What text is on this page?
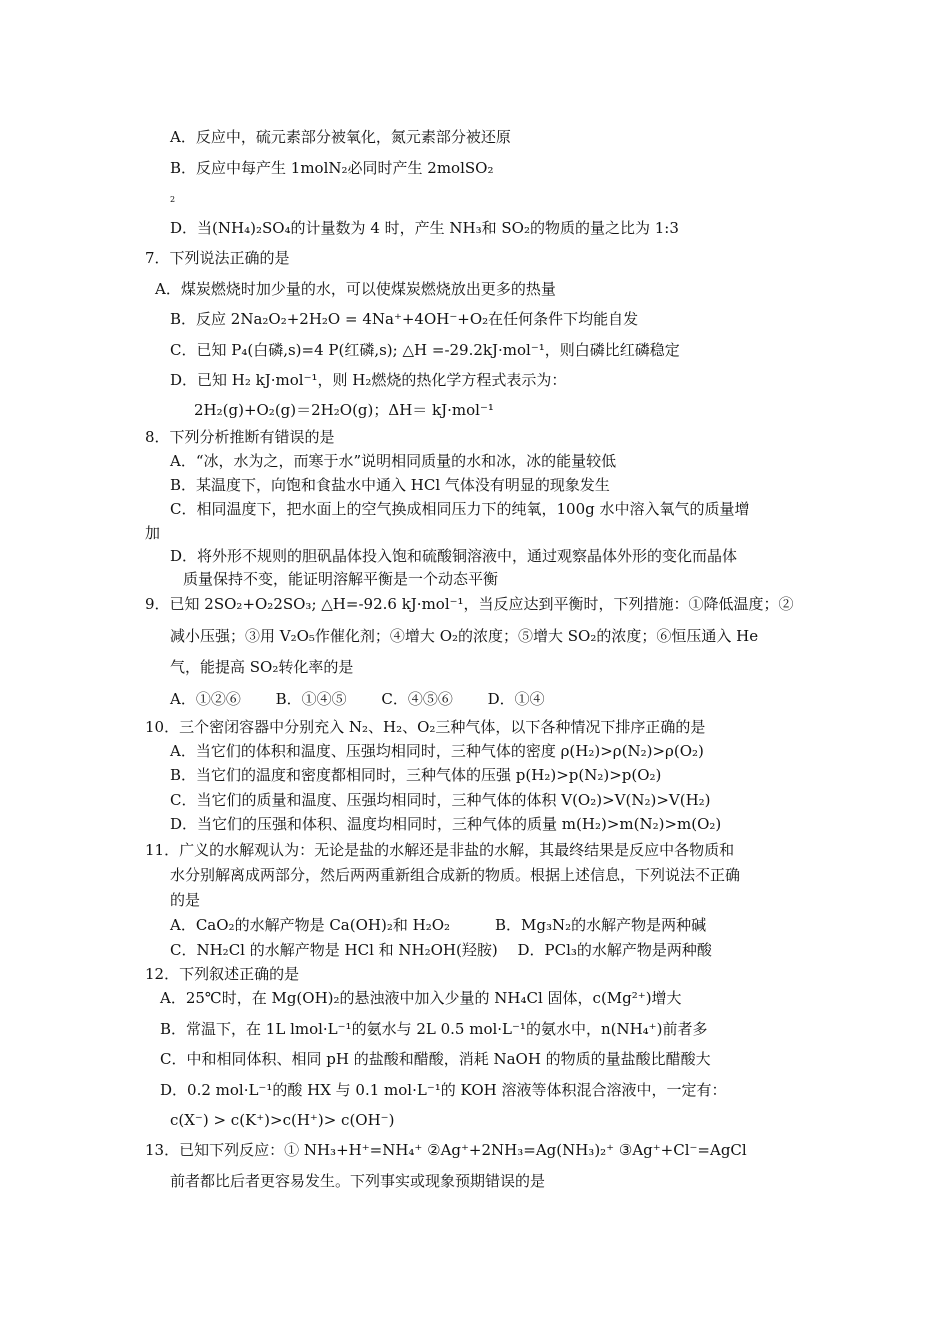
A．反应中，硫元素部分被氧化，氮元素部分被还原
B．反应中每产生 1molN₂必同时产生 2molSO₂
2
D．当(NH₄)₂SO₄的计量数为 4 时，产生 NH₃和 SO₂的物质的量之比为 1:3
7．下列说法正确的是
A．煤炭燃烧时加少量的水，可以使煤炭燃烧放出更多的热量
B．反应 2Na₂O₂+2H₂O = 4Na⁺+4OH⁻+O₂在任何条件下均能自发
C．已知 P₄(白磷,s)=4 P(红磷,s); △H =-29.2kJ·mol⁻¹，则白磷比红磷稳定
D．已知 H₂ kJ·mol⁻¹，则 H₂燃烧的热化学方程式表示为：
2H₂(g)+O₂(g)＝2H₂O(g)；ΔH＝ kJ·mol⁻¹
8．下列分析推断有错误的是
A．“冰，水为之，而寒于水”说明相同质量的水和冰，冰的能量较低
B．某温度下，向饱和食盐水中通入 HCl 气体没有明显的现象发生
C．相同温度下，把水面上的空气换成相同压力下的纯氧，100g 水中溶入氧气的质量增
加
D．将外形不规则的胆矾晶体投入饱和硫酸铜溶液中，通过观察晶体外形的变化而晶体
质量保持不变，能证明溶解平衡是一个动态平衡
9．已知 2SO₂+O₂2SO₃; △H=-92.6 kJ·mol⁻¹，当反应达到平衡时，下列措施：①降低温度；②
减小压强；③用 V₂O₅作催化剂；④增大 O₂的浓度；⑤增大 SO₂的浓度；⑥恒压通入 He
气，能提高 SO₂转化率的是
A．①②⑥　　 B．①④⑤　　 C．④⑤⑥　　 D．①④
10．三个密闭容器中分别充入 N₂、H₂、O₂三种气体，以下各种情况下排序正确的是
A．当它们的体积和温度、压强均相同时，三种气体的密度 ρ(H₂)>ρ(N₂)>ρ(O₂)
B．当它们的温度和密度都相同时，三种气体的压强 p(H₂)>p(N₂)>p(O₂)
C．当它们的质量和温度、压强均相同时，三种气体的体积 V(O₂)>V(N₂)>V(H₂)
D．当它们的压强和体积、温度均相同时，三种气体的质量 m(H₂)>m(N₂)>m(O₂)
11．广义的水解观认为：无论是盐的水解还是非盐的水解，其最终结果是反应中各物质和
水分别解离成两部分，然后两两重新组合成新的物质。根据上述信息，下列说法不正确
的是
A．CaO₂的水解产物是 Ca(OH)₂和 H₂O₂　　　B．Mg₃N₂的水解产物是两种碱
C．NH₂Cl 的水解产物是 HCl 和 NH₂OH(羟胺)　 D．PCl₃的水解产物是两种酸
12．下列叙述正确的是
A．25℃时，在 Mg(OH)₂的悬浊液中加入少量的 NH₄Cl 固体，c(Mg²⁺)增大
B．常温下，在 1L lmol·L⁻¹的氨水与 2L 0.5 mol·L⁻¹的氨水中，n(NH₄⁺)前者多
C．中和相同体积、相同 pH 的盐酸和醋酸，消耗 NaOH 的物质的量盐酸比醋酸大
D．0.2 mol·L⁻¹的酸 HX 与 0.1 mol·L⁻¹的 KOH 溶液等体积混合溶液中，一定有：
c(X⁻) > c(K⁺)>c(H⁺)> c(OH⁻)
13．已知下列反应：① NH₃+H⁺=NH₄⁺ ②Ag⁺+2NH₃=Ag(NH₃)₂⁺ ③Ag⁺+Cl⁻=AgCl
前者都比后者更容易发生。下列事实或现象预期错误的是
